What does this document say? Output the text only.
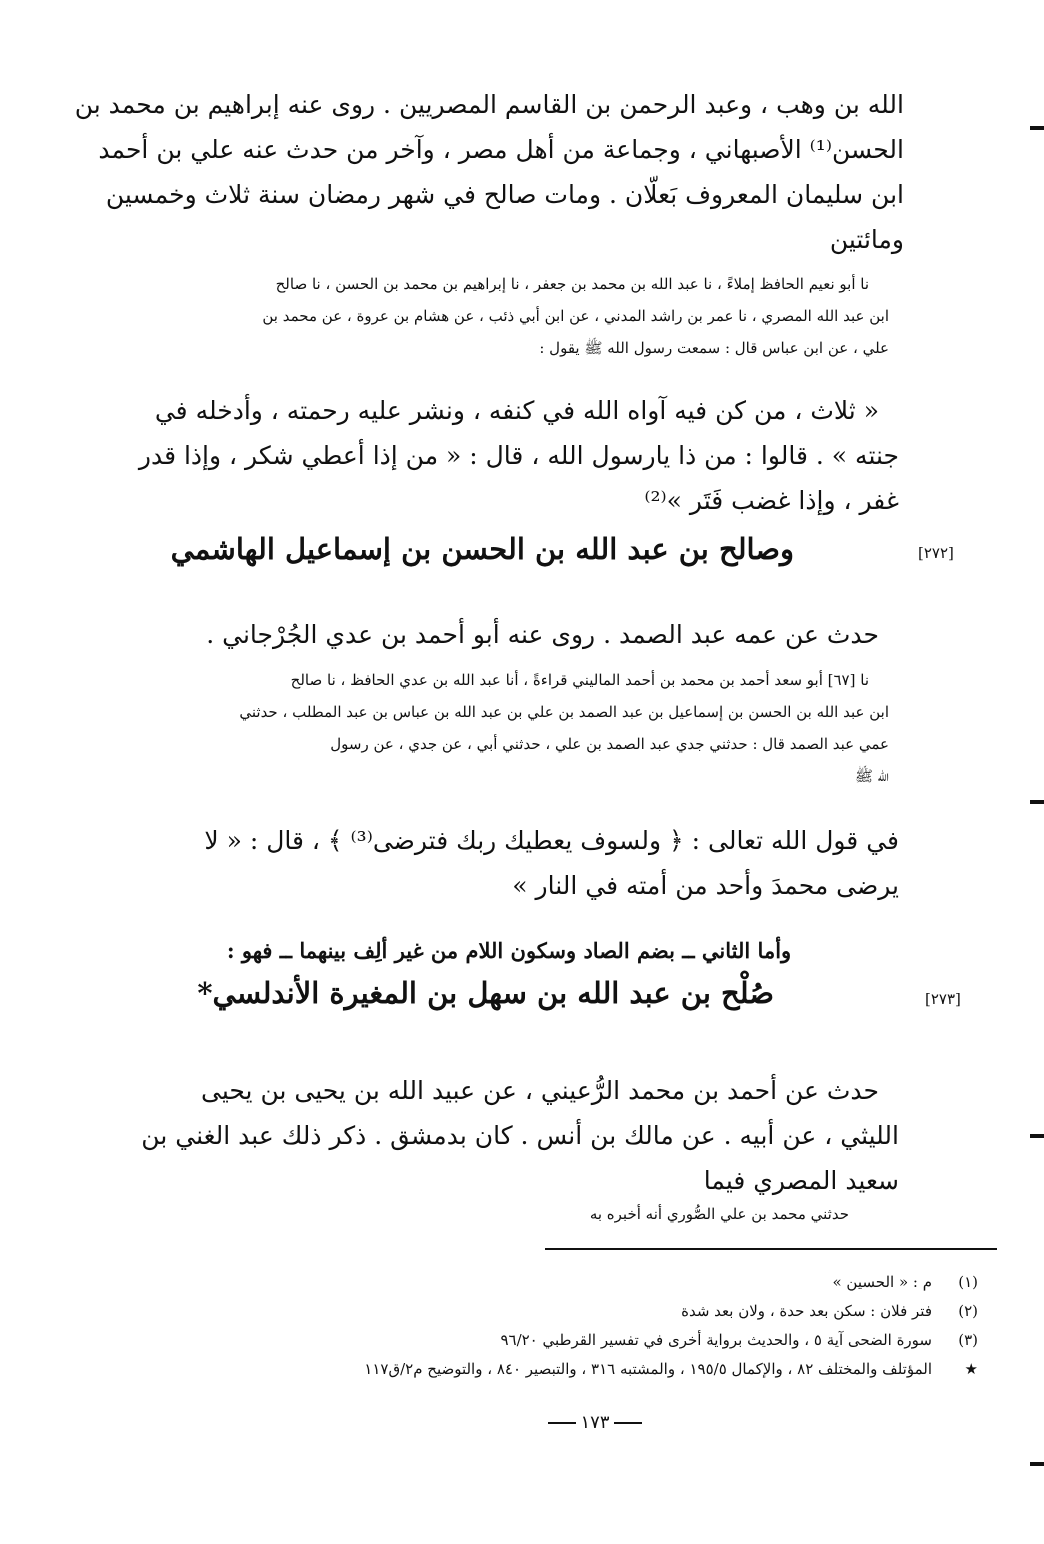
الله بن وهب ، وعبد الرحمن بن القاسم المصريين . روى عنه إبراهيم بن محمد بن
الحسن⁽¹⁾ الأصبهاني ، وجماعة من أهل مصر ، وآخر من حدث عنه علي بن أحمد
ابن سليمان المعروف بَعلّان . ومات صالح في شهر رمضان سنة ثلاث وخمسين
ومائتين
نا أبو نعيم الحافظ إملاءً ، نا عبد الله بن محمد بن جعفر ، نا إبراهيم بن محمد بن الحسن ، نا صالح
ابن عبد الله المصري ، نا عمر بن راشد المدني ، عن ابن أبي ذئب ، عن هشام بن عروة ، عن محمد بن
علي ، عن ابن عباس قال : سمعت رسول الله ﷺ يقول :
« ثلاث ، من كن فيه آواه الله في كنفه ، ونشر عليه رحمته ، وأدخله في
جنته » . قالوا : من ذا يارسول الله ، قال : « من إذا أعطي شكر ، وإذا قدر
غفر ، وإذا غضب فَتَر »⁽²⁾
[٢٧٢]
وصالح بن عبد الله بن الحسن بن إسماعيل الهاشمي
حدث عن عمه عبد الصمد . روى عنه أبو أحمد بن عدي الجُرْجاني .
نا [٦٧] أبو سعد أحمد بن محمد بن أحمد الماليني قراءةً ، أنا عبد الله بن عدي الحافظ ، نا صالح
ابن عبد الله بن الحسن بن إسماعيل بن عبد الصمد بن علي بن عبد الله بن عباس بن عبد المطلب ، حدثني
عمي عبد الصمد قال : حدثني جدي عبد الصمد بن علي ، حدثني أبي ، عن جدي ، عن رسول
الله ﷺ
في قول الله تعالى : ﴿ ولسوف يعطيك ربك فترضى⁽³⁾ ﴾ ، قال : « لا
يرضى محمدَ وأحد من أمته في النار »
وأما الثاني ــ بضم الصاد وسكون اللام من غير ألِف بينهما ــ فهو :
[٢٧٣]
صُلْح بن عبد الله بن سهل بن المغيرة الأندلسي*
حدث عن أحمد بن محمد الرُّعيني ، عن عبيد الله بن يحيى بن يحيى
الليثي ، عن أبيه . عن مالك بن أنس . كان بدمشق . ذكر ذلك عبد الغني بن
سعيد المصري فيما
حدثني محمد بن علي الصُّوري أنه أخبره به
(١)م : « الحسين »
(٢)فتر فلان : سكن بعد حدة ، ولان بعد شدة
(٣)سورة الضحى آية ٥ ، والحديث برواية أخرى في تفسير القرطبي ٩٦/٢٠
★المؤتلف والمختلف ٨٢ ، والإكمال ١٩٥/٥ ، والمشتبه ٣١٦ ، والتبصير ٨٤٠ ، والتوضيح م٢/ق١١٧
١٧٣
